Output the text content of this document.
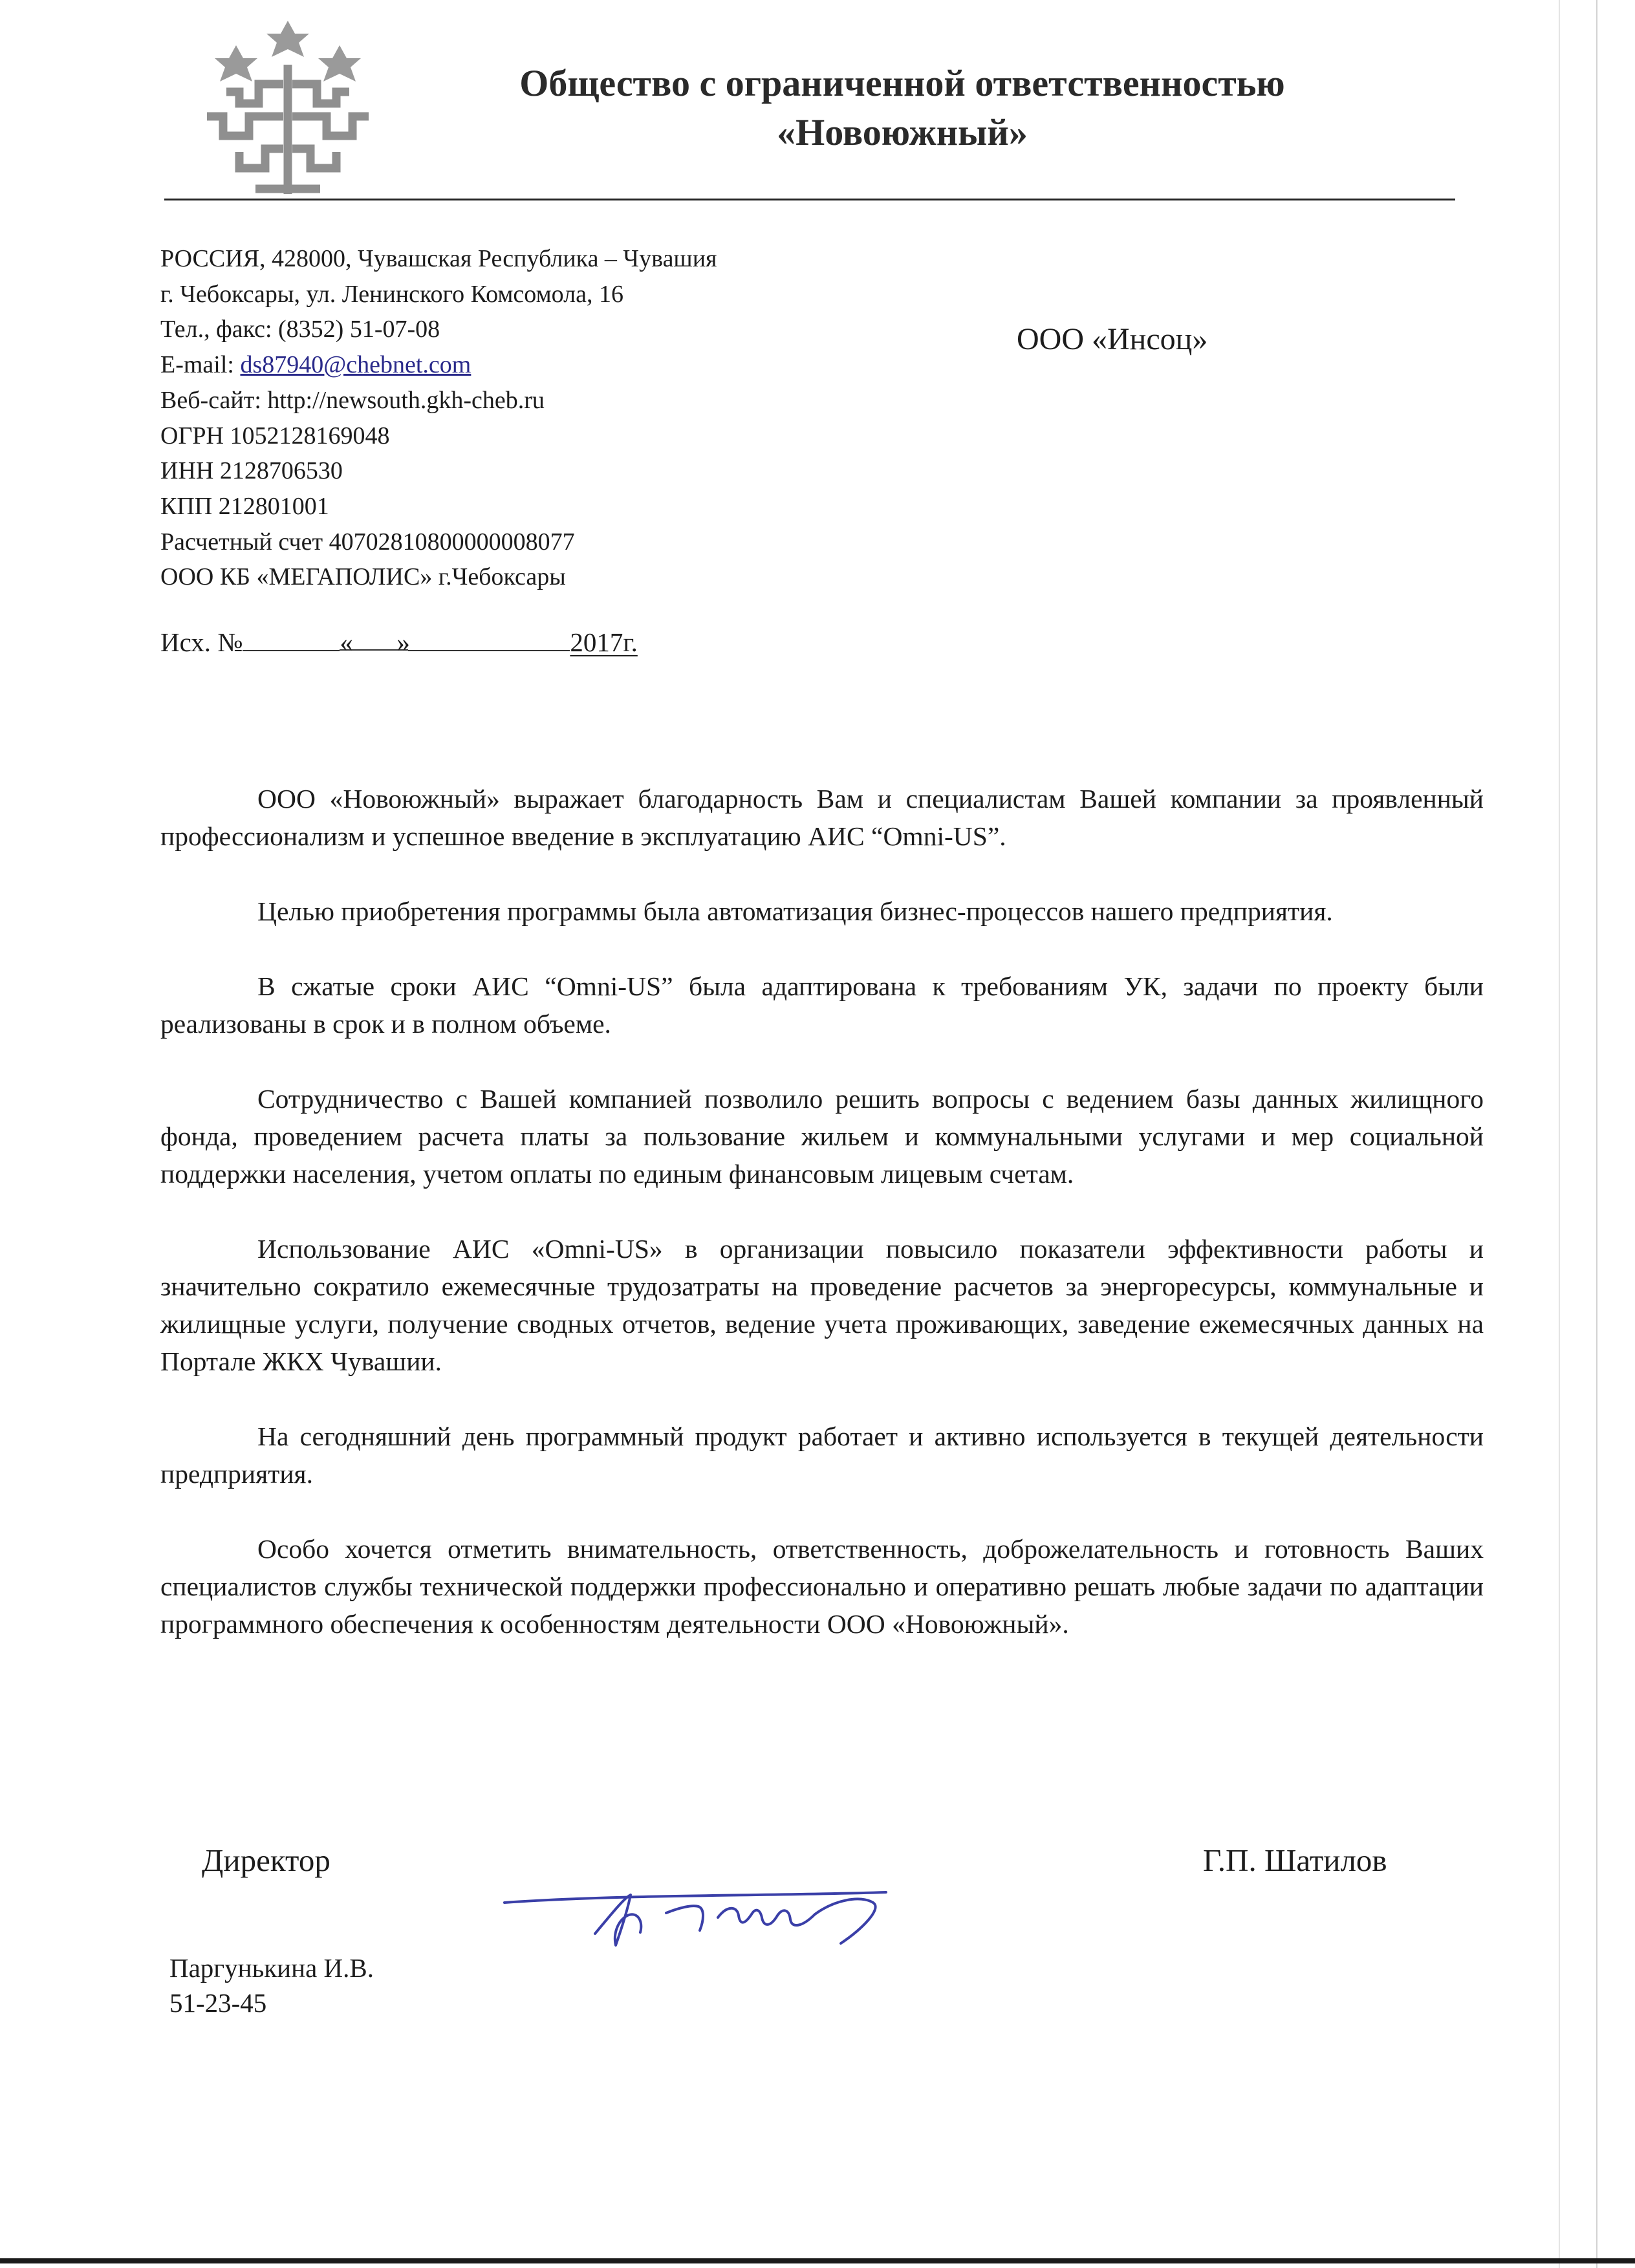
Общество с ограниченной ответственностью
«Новоюжный»
РОССИЯ, 428000, Чувашская Республика – Чувашия
г. Чебоксары, ул. Ленинского Комсомола, 16
Тел., факс: (8352) 51-07-08
E-mail: ds87940@chebnet.com
Веб-сайт: http://newsouth.gkh-cheb.ru
ОГРН 1052128169048
ИНН 2128706530
КПП 212801001
Расчетный счет 40702810800000008077
ООО КБ «МЕГАПОЛИС» г.Чебоксары
ООО «Инсоц»
Исх. №	« »	2017г.

ООО «Новоюжный» выражает благодарность Вам и специалистам Вашей компании за проявленный профессионализм и успешное введение в эксплуатацию АИС “Omni-US”.

Целью приобретения программы была автоматизация бизнес-процессов нашего предприятия.

В сжатые сроки АИС “Omni-US” была адаптирована к требованиям УК, задачи по проекту были реализованы в срок и в полном объеме.

Сотрудничество с Вашей компанией позволило решить вопросы с ведением базы данных жилищного фонда, проведением расчета платы за пользование жильем и коммунальными услугами и мер социальной поддержки населения, учетом оплаты по единым финансовым лицевым счетам.

Использование АИС «Omni-US» в организации повысило показатели эффективности работы и значительно сократило ежемесячные трудозатраты на проведение расчетов за энергоресурсы, коммунальные и жилищные услуги, получение сводных отчетов, ведение учета проживающих, заведение ежемесячных данных на Портале ЖКХ Чувашии.

На сегодняшний день программный продукт работает и активно используется в текущей деятельности предприятия.

Особо хочется отметить внимательность, ответственность, доброжелательность и готовность Ваших специалистов службы технической поддержки профессионально и оперативно решать любые задачи по адаптации программного обеспечения к особенностям деятельности ООО «Новоюжный».

Директор	Г.П. Шатилов
Паргунькина И.В.
51-23-45
